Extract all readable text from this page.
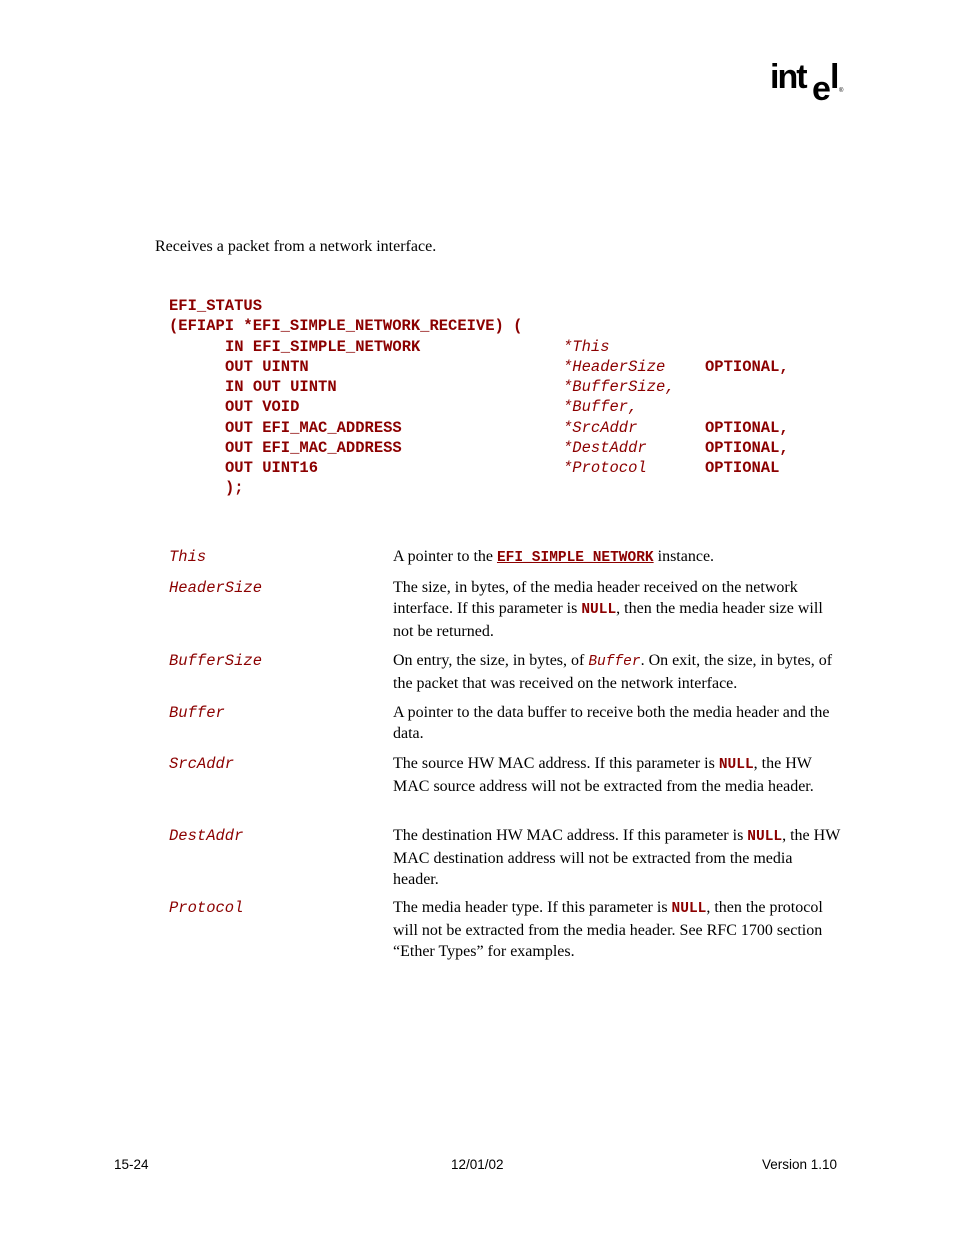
int e l ®
Receives a packet from a network interface.
EFI_STATUS
(EFIAPI *EFI_SIMPLE_NETWORK_RECEIVE) (
IN EFI_SIMPLE_NETWORK	*This
OUT UINTN	*HeaderSize	OPTIONAL,
IN OUT UINTN	*BufferSize,
OUT VOID	*Buffer,
OUT EFI_MAC_ADDRESS	*SrcAddr	OPTIONAL,
OUT EFI_MAC_ADDRESS	*DestAddr	OPTIONAL,
OUT UINT16	*Protocol	OPTIONAL
);
This	A pointer to the EFI_SIMPLE_NETWORK instance.
HeaderSize	The size, in bytes, of the media header received on the network interface. If this parameter is NULL, then the media header size will not be returned.
BufferSize	On entry, the size, in bytes, of Buffer. On exit, the size, in bytes, of the packet that was received on the network interface.
Buffer	A pointer to the data buffer to receive both the media header and the data.
SrcAddr	The source HW MAC address. If this parameter is NULL, the HW MAC source address will not be extracted from the media header.
DestAddr	The destination HW MAC address. If this parameter is NULL, the HW MAC destination address will not be extracted from the media header.
Protocol	The media header type. If this parameter is NULL, then the protocol will not be extracted from the media header. See RFC 1700 section “Ether Types” for examples.
15-24	12/01/02	Version 1.10
